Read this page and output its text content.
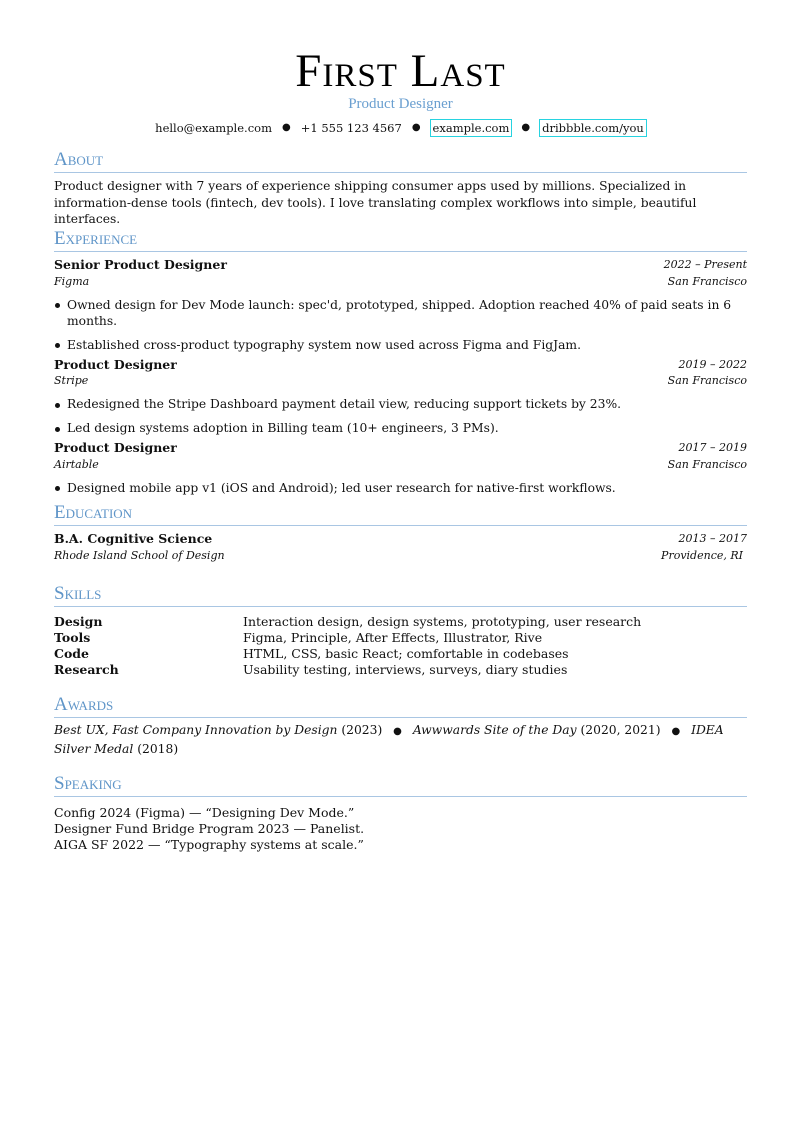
First Last
Product Designer
hello@example.com ● +1 555 123 4567 ● example.com	● dribbble.com/you
About
Product designer with 7 years of experience shipping consumer apps used by millions. Specialized in information-dense tools (fintech, dev tools). I love translating complex workflows into simple, beautiful interfaces.
Experience
Senior Product Designer	2022 – Present
Figma	San Francisco
Owned design for Dev Mode launch: spec'd, prototyped, shipped. Adoption reached 40% of paid seats in 6 months.
Established cross-product typography system now used across Figma and FigJam.
Product Designer	2019 – 2022
Stripe	San Francisco
Redesigned the Stripe Dashboard payment detail view, reducing support tickets by 23%.
Led design systems adoption in Billing team (10+ engineers, 3 PMs).
Product Designer	2017 – 2019
Airtable	San Francisco
Designed mobile app v1 (iOS and Android); led user research for native-first workflows.
Education
B.A. Cognitive Science	2013 – 2017
Rhode Island School of Design	Providence, RI
Skills
Design	Interaction design, design systems, prototyping, user research
Tools	Figma, Principle, After Effects, Illustrator, Rive
Code	HTML, CSS, basic React; comfortable in codebases
Research	Usability testing, interviews, surveys, diary studies
Awards
Best UX, Fast Company Innovation by Design (2023) ● Awwwards Site of the Day (2020, 2021) ● IDEA Silver Medal (2018)
Speaking
Config 2024 (Figma) — “Designing Dev Mode.”
Designer Fund Bridge Program 2023 — Panelist.
AIGA SF 2022 — “Typography systems at scale.”
